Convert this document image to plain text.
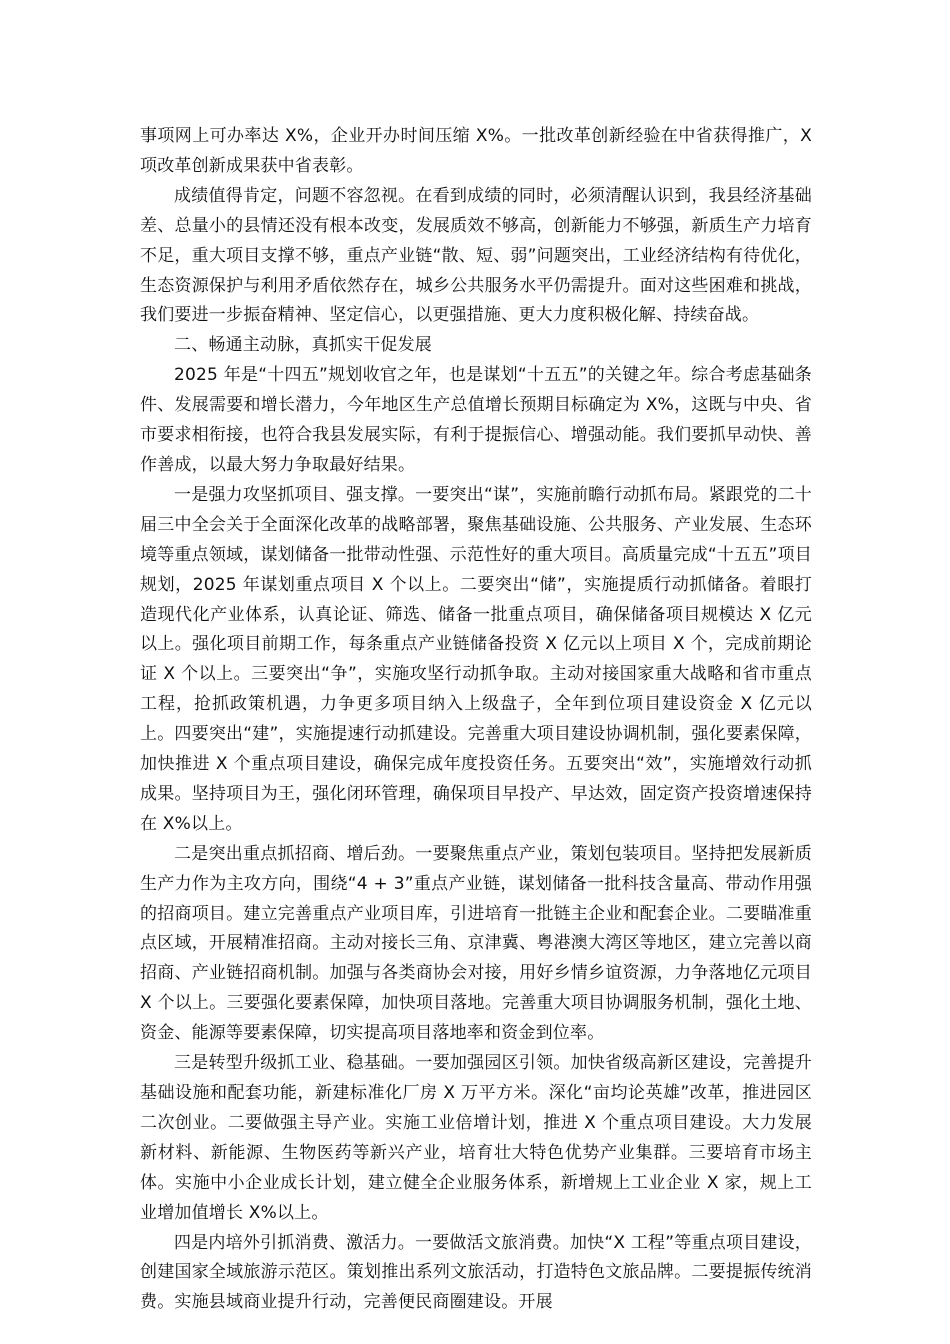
事项网上可办率达 X%，企业开办时间压缩 X%。一批改革创新经验在中省获得推广，X 项改革创新成果获中省表彰。

成绩值得肯定，问题不容忽视。在看到成绩的同时，必须清醒认识到，我县经济基础差、总量小的县情还没有根本改变，发展质效不够高，创新能力不够强，新质生产力培育不足，重大项目支撑不够，重点产业链“散、短、弱”问题突出，工业经济结构有待优化，生态资源保护与利用矛盾依然存在，城乡公共服务水平仍需提升。面对这些困难和挑战，我们要进一步振奋精神、坚定信心，以更强措施、更大力度积极化解、持续奋战。

二、畅通主动脉，真抓实干促发展

2025 年是“十四五”规划收官之年，也是谋划“十五五”的关键之年。综合考虑基础条件、发展需要和增长潜力，今年地区生产总值增长预期目标确定为 X%，这既与中央、省市要求相衔接，也符合我县发展实际，有利于提振信心、增强动能。我们要抓早动快、善作善成，以最大努力争取最好结果。

一是强力攻坚抓项目、强支撑。一要突出“谋”，实施前瞻行动抓布局。紧跟党的二十届三中全会关于全面深化改革的战略部署，聚焦基础设施、公共服务、产业发展、生态环境等重点领域，谋划储备一批带动性强、示范性好的重大项目。高质量完成“十五五”项目规划，2025 年谋划重点项目 X 个以上。二要突出“储”，实施提质行动抓储备。着眼打造现代化产业体系，认真论证、筛选、储备一批重点项目，确保储备项目规模达 X 亿元以上。强化项目前期工作，每条重点产业链储备投资 X 亿元以上项目 X 个，完成前期论证 X 个以上。三要突出“争”，实施攻坚行动抓争取。主动对接国家重大战略和省市重点工程，抢抓政策机遇，力争更多项目纳入上级盘子，全年到位项目建设资金 X 亿元以上。四要突出“建”，实施提速行动抓建设。完善重大项目建设协调机制，强化要素保障，加快推进 X 个重点项目建设，确保完成年度投资任务。五要突出“效”，实施增效行动抓成果。坚持项目为王，强化闭环管理，确保项目早投产、早达效，固定资产投资增速保持在 X%以上。

二是突出重点抓招商、增后劲。一要聚焦重点产业，策划包装项目。坚持把发展新质生产力作为主攻方向，围绕“4 + 3”重点产业链，谋划储备一批科技含量高、带动作用强的招商项目。建立完善重点产业项目库，引进培育一批链主企业和配套企业。二要瞄准重点区域，开展精准招商。主动对接长三角、京津冀、粤港澳大湾区等地区，建立完善以商招商、产业链招商机制。加强与各类商协会对接，用好乡情乡谊资源，力争落地亿元项目 X 个以上。三要强化要素保障，加快项目落地。完善重大项目协调服务机制，强化土地、资金、能源等要素保障，切实提高项目落地率和资金到位率。

三是转型升级抓工业、稳基础。一要加强园区引领。加快省级高新区建设，完善提升基础设施和配套功能，新建标准化厂房 X 万平方米。深化“亩均论英雄”改革，推进园区二次创业。二要做强主导产业。实施工业倍增计划，推进 X 个重点项目建设。大力发展新材料、新能源、生物医药等新兴产业，培育壮大特色优势产业集群。三要培育市场主体。实施中小企业成长计划，建立健全企业服务体系，新增规上工业企业 X 家，规上工业增加值增长 X%以上。

四是内培外引抓消费、激活力。一要做活文旅消费。加快“X 工程”等重点项目建设，创建国家全域旅游示范区。策划推出系列文旅活动，打造特色文旅品牌。二要提振传统消费。实施县域商业提升行动，完善便民商圈建设。开展
